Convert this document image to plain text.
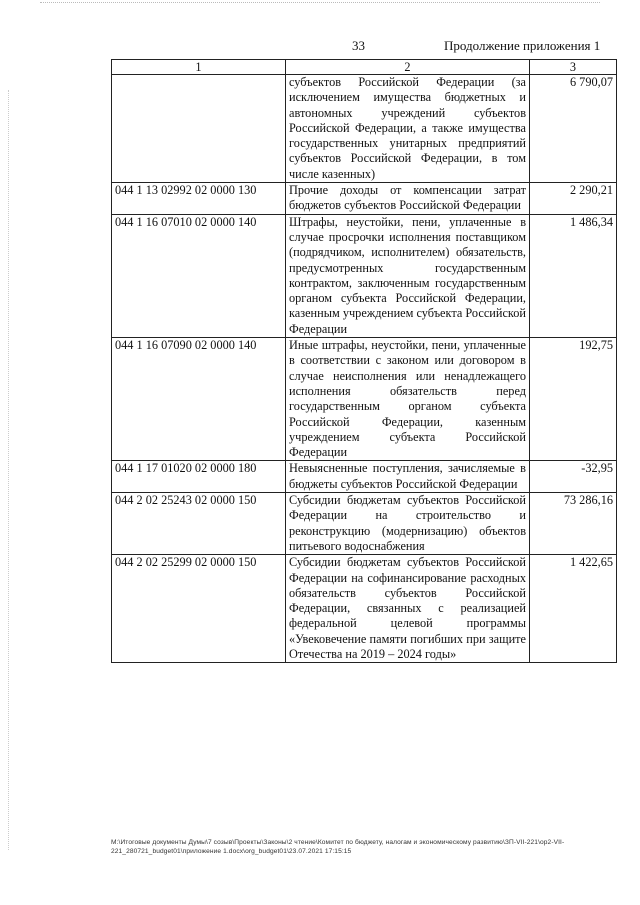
33	Продолжение приложения 1
1	2	3
	субъектов Российской Федерации (за исключением имущества бюджетных и автономных учреждений субъектов Российской Федерации, а также имущества государственных унитарных предприятий субъектов Российской Федерации, в том числе казенных)	6 790,07
044 1 13 02992 02 0000 130	Прочие доходы от компенсации затрат бюджетов субъектов Российской Федерации	2 290,21
044 1 16 07010 02 0000 140	Штрафы, неустойки, пени, уплаченные в случае просрочки исполнения поставщиком (подрядчиком, исполнителем) обязательств, предусмотренных государственным контрактом, заключенным государственным органом субъекта Российской Федерации, казенным учреждением субъекта Российской Федерации	1 486,34
044 1 16 07090 02 0000 140	Иные штрафы, неустойки, пени, уплаченные в соответствии с законом или договором в случае неисполнения или ненадлежащего исполнения обязательств перед государственным органом субъекта Российской Федерации, казенным учреждением субъекта Российской Федерации	192,75
044 1 17 01020 02 0000 180	Невыясненные поступления, зачисляемые в бюджеты субъектов Российской Федерации	-32,95
044 2 02 25243 02 0000 150	Субсидии бюджетам субъектов Российской Федерации на строительство и реконструкцию (модернизацию) объектов питьевого водоснабжения	73 286,16
044 2 02 25299 02 0000 150	Субсидии бюджетам субъектов Российской Федерации на софинансирование расходных обязательств субъектов Российской Федерации, связанных с реализацией федеральной целевой программы «Увековечение памяти погибших при защите Отечества на 2019 – 2024 годы»	1 422,65
M:\Итоговые документы Думы\7 созыв\Проекты\Законы\2 чтение\Комитет по бюджету, налогам и экономическому развитию\ЗП-VII-221\ор2-VII-221_280721_budget01\приложение 1.docx\org_budget01\23.07.2021 17:15:15
